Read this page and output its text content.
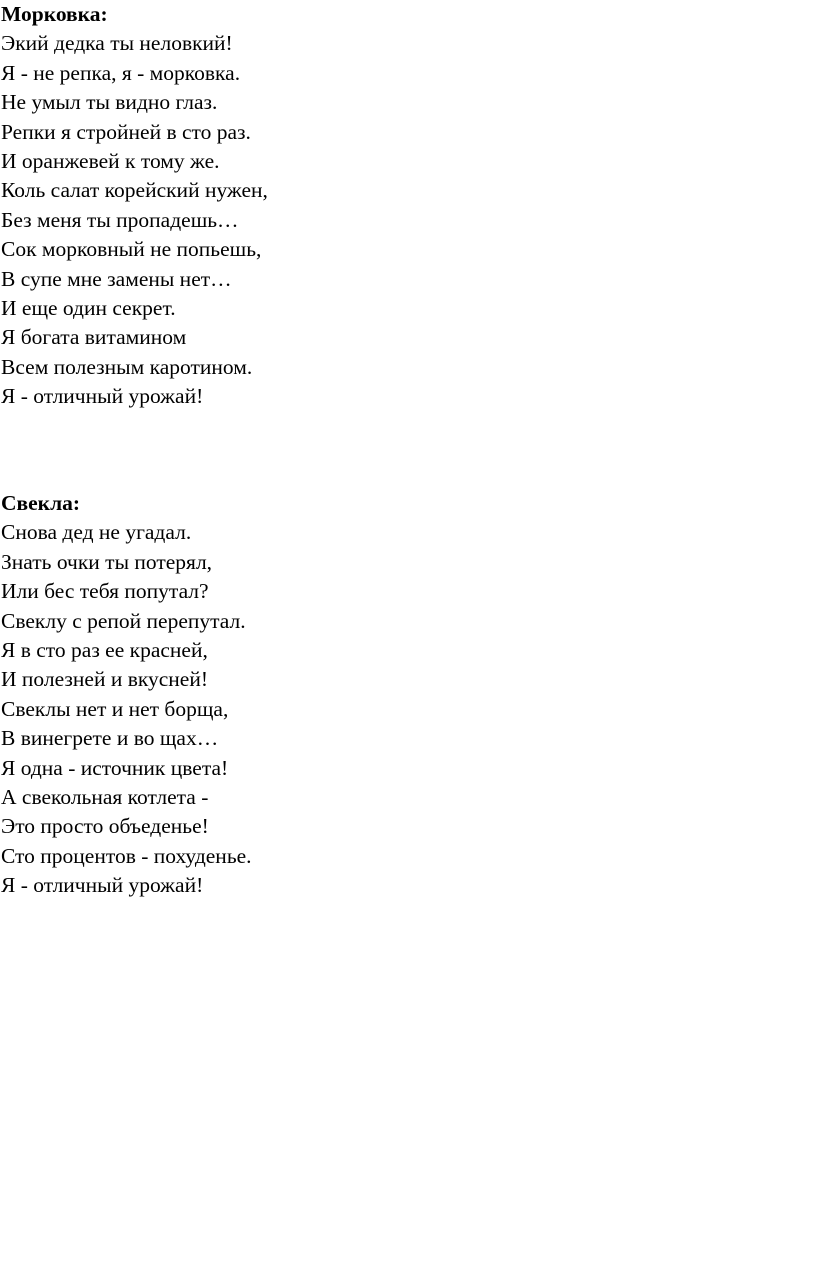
Морковка:
Экий дедка ты неловкий!
Я - не репка, я - морковка.
Не умыл ты видно глаз.
Репки я стройней в сто раз.
И оранжевей к тому же.
Коль салат корейский нужен,
Без меня ты пропадешь…
Сок морковный не попьешь,
В супе мне замены нет…
И еще один секрет.
Я богата витамином
Всем полезным каротином.
Я - отличный урожай!
Свекла:
Снова дед не угадал.
Знать очки ты потерял,
Или бес тебя попутал?
Свеклу с репой перепутал.
Я в сто раз ее красней,
И полезней и вкусней!
Свеклы нет и нет борща,
В винегрете и во щах…
Я одна - источник цвета!
А свекольная котлета -
Это просто объеденье!
Сто процентов - похуденье.
Я - отличный урожай!
